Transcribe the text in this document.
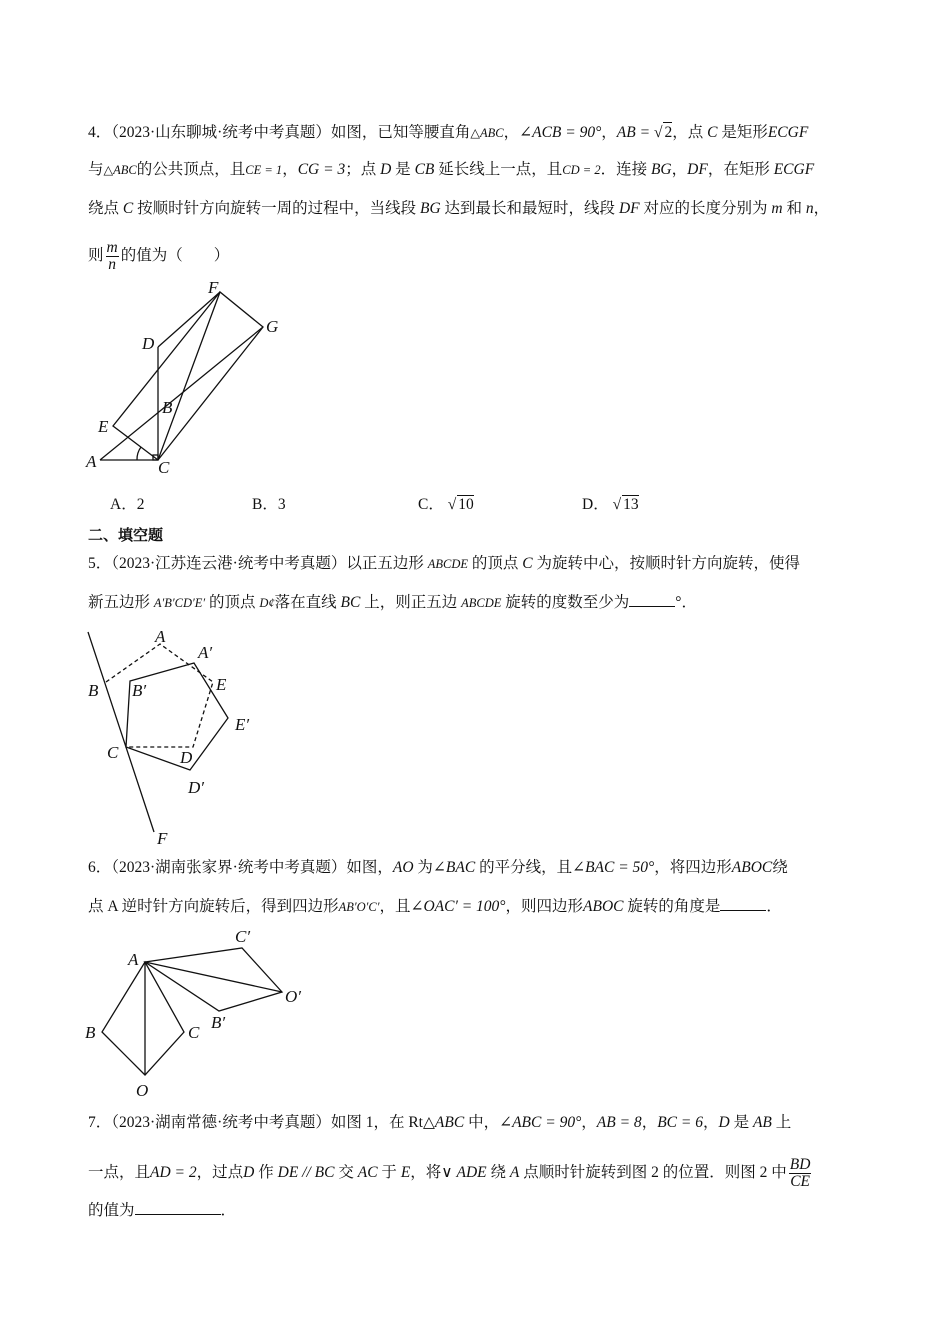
4．（2023·山东聊城·统考中考真题）如图，已知等腰直角△ABC，∠ACB = 90°，AB = √ 2，点 C 是矩形ECGF
与△ABC的公共顶点，且CE = 1，CG = 3；点 D 是 CB 延长线上一点，且CD = 2．连接 BG，DF，在矩形 ECGF
绕点 C 按顺时针方向旋转一周的过程中，当线段 BG 达到最长和最短时，线段 DF 对应的长度分别为 m 和 n，
则 $\frac{m}{n}$ 的值为（　　）
F
G
D
B
E
A	C
A．2	B．3	C． √ 10	D． √ 13
二、填空题
5．（2023·江苏连云港·统考中考真题）以正五边形 ABCDE 的顶点 C 为旋转中心，按顺时针方向旋转，使得
新五边形 A′B′CD′E′ 的顶点 D¢落在直线 BC 上，则正五边 ABCDE 旋转的度数至少为	°．
A
A′
B B′	E
E′
C	D
D′
F
6．（2023·湖南张家界·统考中考真题）如图，AO 为∠BAC 的平分线，且∠BAC = 50°，将四边形ABOC绕
点 A 逆时针方向旋转后，得到四边形AB′O′C′，且∠OAC′ = 100°，则四边形ABOC 旋转的角度是	．
A
C′
O′
B′
B	C
O
7．（2023·湖南常德·统考中考真题）如图 1，在 Rt△ABC 中，∠ABC = 90°，AB = 8，BC = 6，D 是 AB 上
一点，且AD = 2，过点D 作 DE // BC 交 AC 于 E，将∨ ADE 绕 A 点顺时针旋转到图 2 的位置．则图 2 中 $\frac{BD}{CE}$
的值为	．
